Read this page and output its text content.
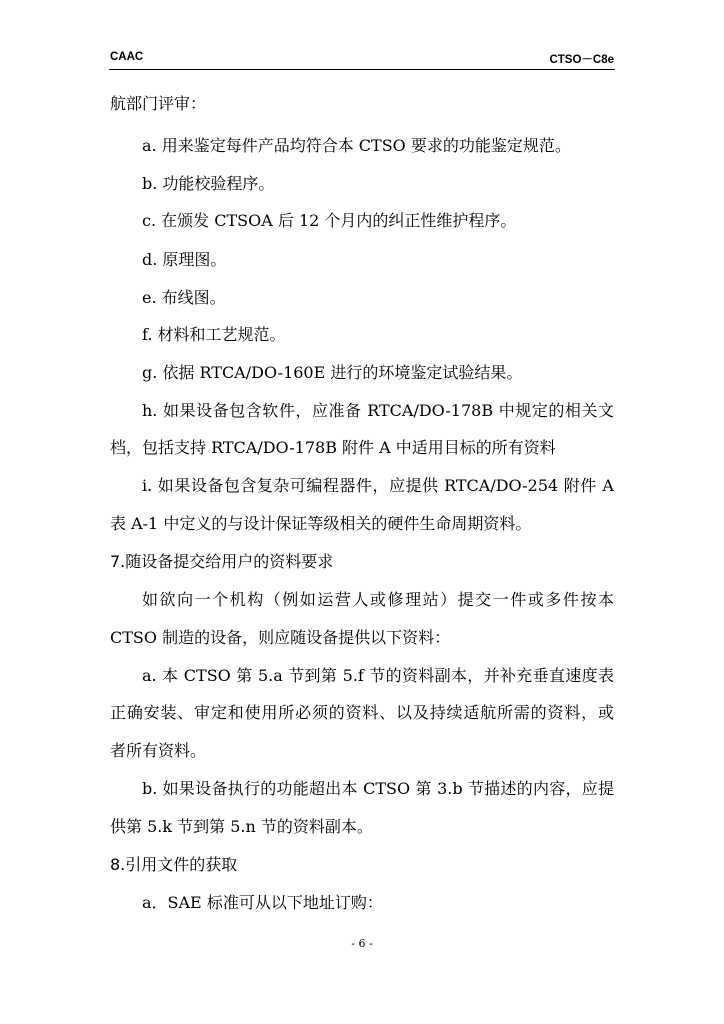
CAAC	CTSO－C8e
航部门评审：
a. 用来鉴定每件产品均符合本 CTSO 要求的功能鉴定规范。
b. 功能校验程序。
c. 在颁发 CTSOA 后 12 个月内的纠正性维护程序。
d. 原理图。
e. 布线图。
f. 材料和工艺规范。
g. 依据 RTCA/DO-160E 进行的环境鉴定试验结果。
h. 如果设备包含软件，应准备 RTCA/DO-178B 中规定的相关文
档，包括支持 RTCA/DO-178B 附件 A 中适用目标的所有资料
i. 如果设备包含复杂可编程器件，应提供 RTCA/DO-254 附件 A
表 A-1 中定义的与设计保证等级相关的硬件生命周期资料。
7.随设备提交给用户的资料要求
如欲向一个机构（例如运营人或修理站）提交一件或多件按本
CTSO 制造的设备，则应随设备提供以下资料：
a. 本 CTSO 第 5.a 节到第 5.f 节的资料副本，并补充垂直速度表
正确安装、审定和使用所必须的资料、以及持续适航所需的资料，或
者所有资料。
b. 如果设备执行的功能超出本 CTSO 第 3.b 节描述的内容，应提
供第 5.k 节到第 5.n 节的资料副本。
8.引用文件的获取
a．SAE 标准可从以下地址订购：
- 6 -
